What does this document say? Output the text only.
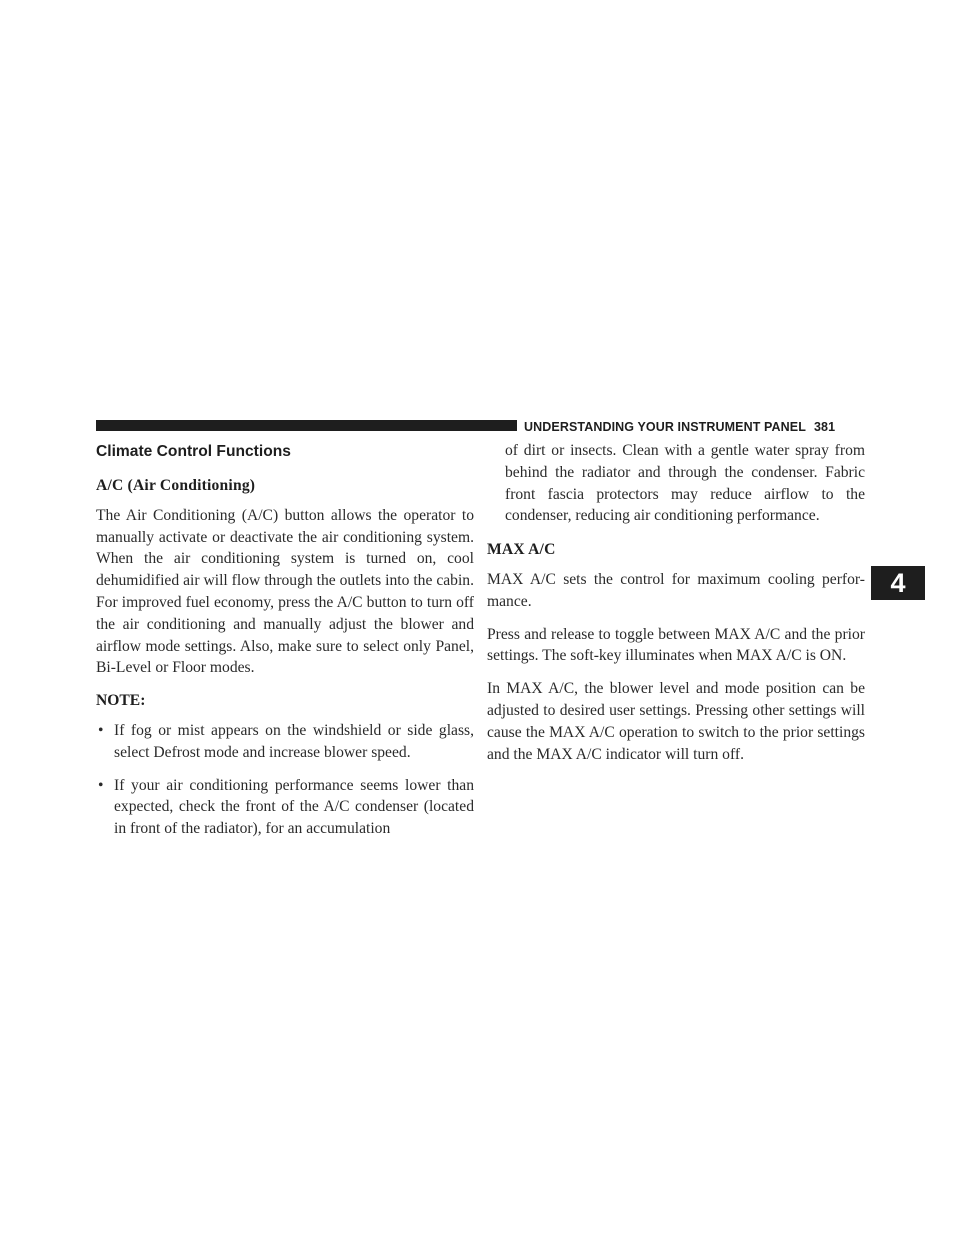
UNDERSTANDING YOUR INSTRUMENT PANEL 381
4
Climate Control Functions
A/C (Air Conditioning)

The Air Conditioning (A/C) button allows the operator to manually activate or deactivate the air conditioning system. When the air conditioning system is turned on, cool dehumidified air will flow through the outlets into the cabin. For improved fuel economy, press the A/C button to turn off the air conditioning and manually adjust the blower and airflow mode settings. Also, make sure to select only Panel, Bi-Level or Floor modes.

NOTE:
• If fog or mist appears on the windshield or side glass, select Defrost mode and increase blower speed.
• If your air conditioning performance seems lower than expected, check the front of the A/C condenser (located in front of the radiator), for an accumulation
of dirt or insects. Clean with a gentle water spray from behind the radiator and through the condenser. Fabric front fascia protectors may reduce airflow to the condenser, reducing air conditioning performance.
MAX A/C

MAX A/C sets the control for maximum cooling perfor-mance.

Press and release to toggle between MAX A/C and the prior settings. The soft-key illuminates when MAX A/C is ON.

In MAX A/C, the blower level and mode position can be adjusted to desired user settings. Pressing other settings will cause the MAX A/C operation to switch to the prior settings and the MAX A/C indicator will turn off.
